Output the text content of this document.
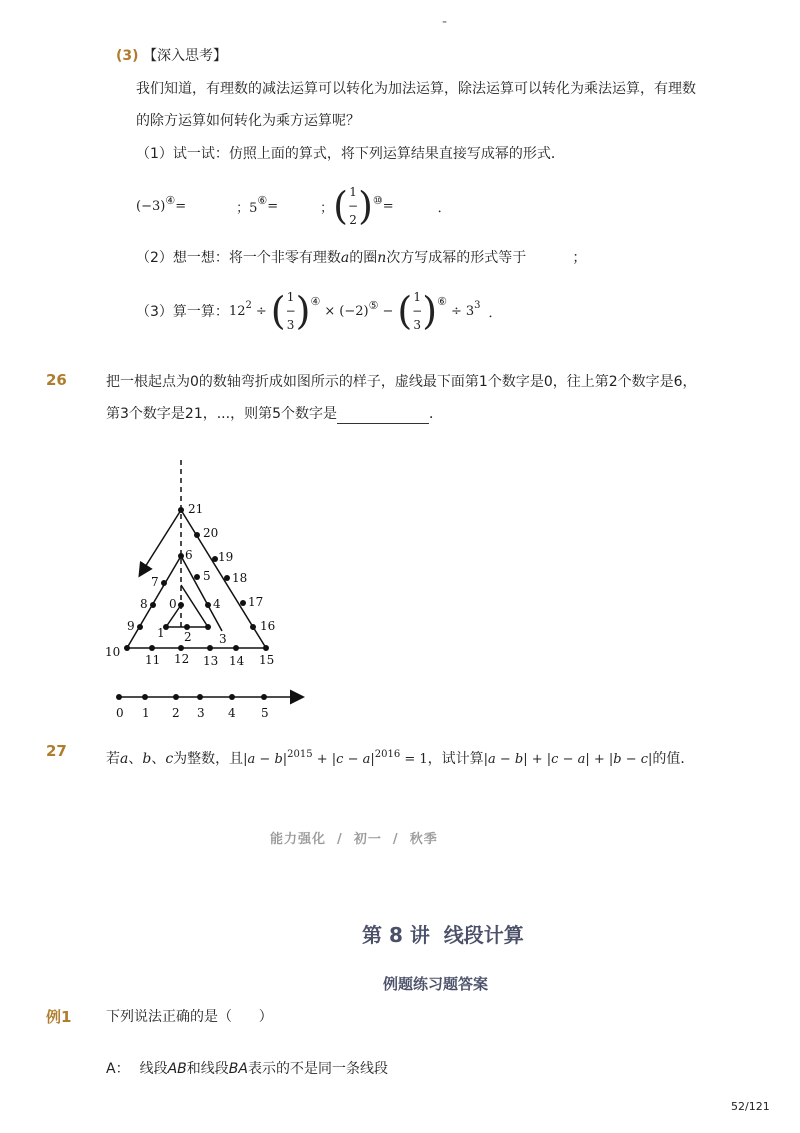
-
(3) 【深入思考】
我们知道，有理数的减法运算可以转化为加法运算，除法运算可以转化为乘法运算，有理数
的除方运算如何转化为乘方运算呢？
（1）试一试：仿照上面的算式，将下列运算结果直接写成幂的形式．
(−3) ④ =	；5
⑥ =	； ( 1
−
2 ) ⑩ =	．
（2）想一想：将一个非零有理数a的圈n次方写成幂的形式等于	；
（3）算一算： 12 2 ÷ ( 1
−
3 ) ④
× (−2) ⑤ − ( 1
−
3 ) ⑥
÷ 3 3
．
26	把一根起点为0的数轴弯折成如图所示的样子，虚线最下面第1个数字是0，往上第2个数字是6，
第3个数字是21，...，则第5个数字是	．
0
1 2 3
4
5
6
7
8
9
10
11 12 13 14 15
16
17
18
19
20
21
0 1 2 3 4 5
27	若a、b、c为整数，且$|a - b|^{2015} + |c - a|^{2016} = 1$，试计算|a − b| + |c − a| + |b − c|的值．
能力强化  /  初一  /  秋季
第 8 讲  线段计算
例题练习题答案
例1 下列说法正确的是（      ）
A： 线段AB和线段BA表示的不是同一条线段
52/121
